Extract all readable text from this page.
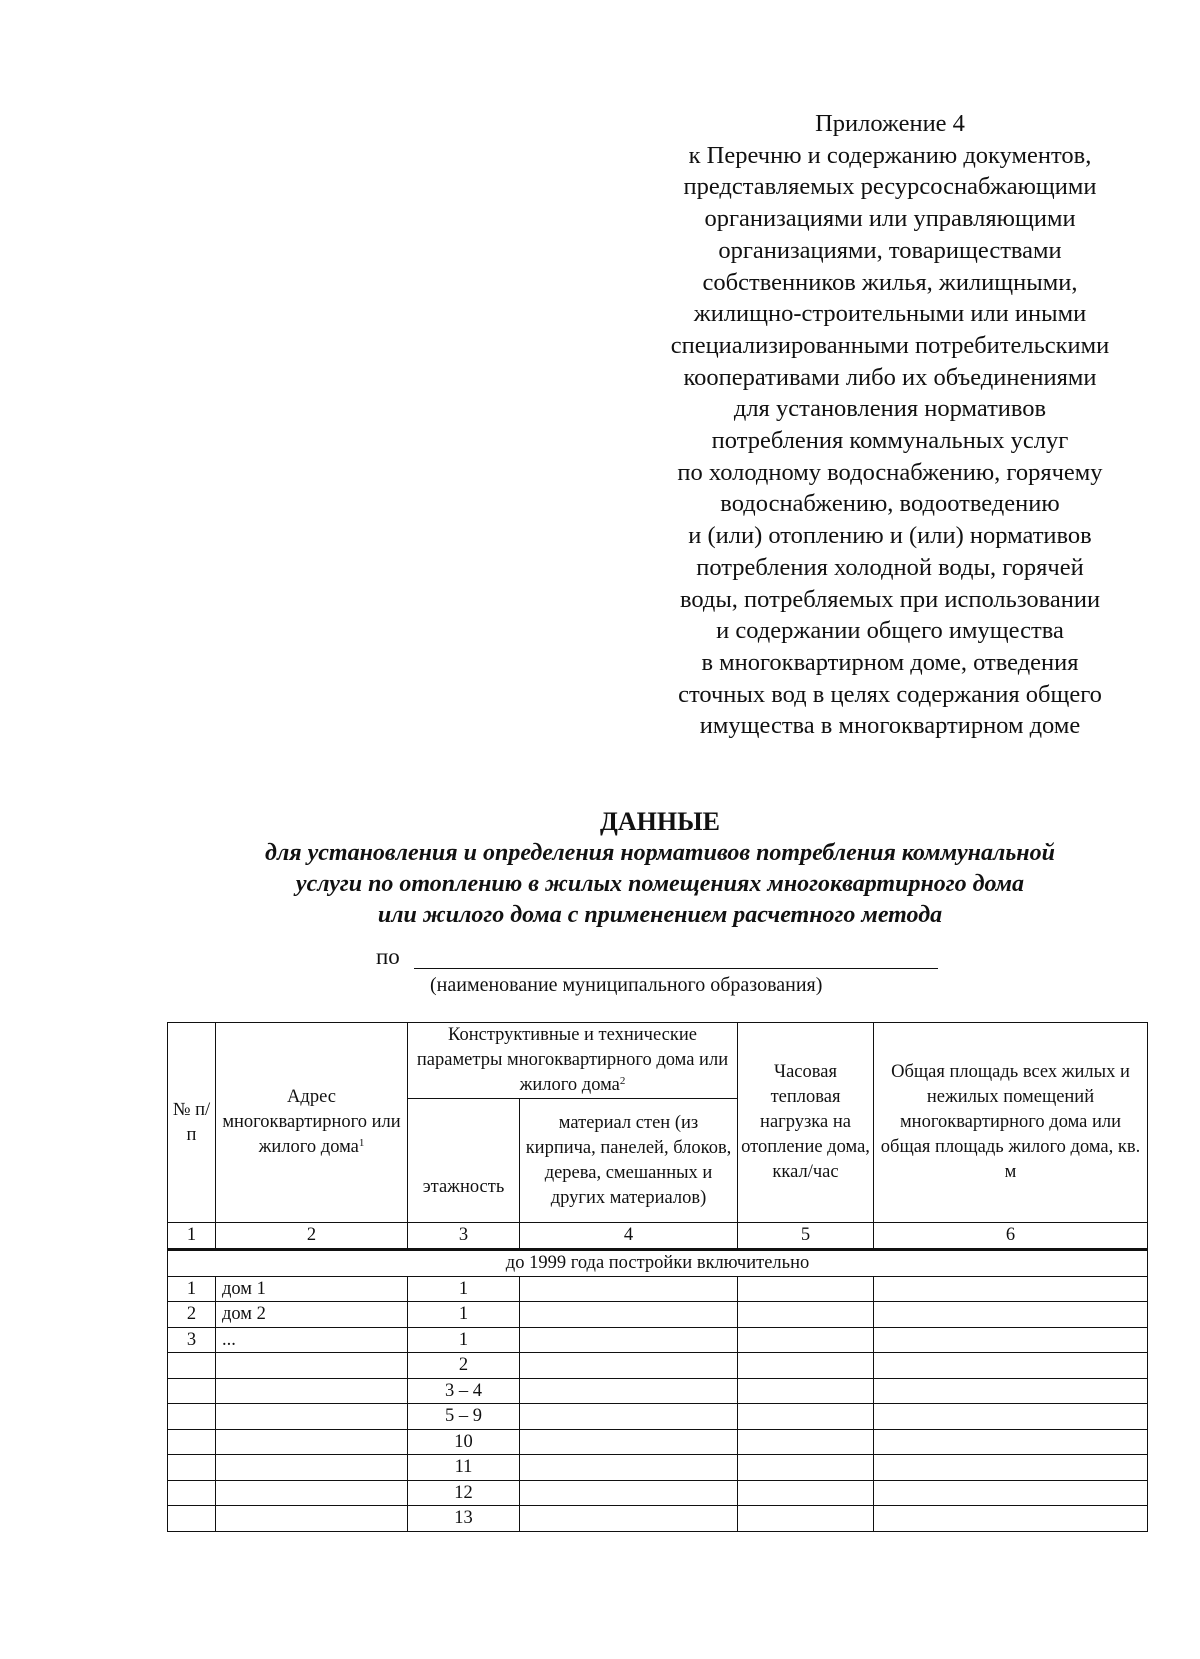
Приложение 4
к Перечню и содержанию документов,
представляемых ресурсоснабжающими
организациями или управляющими
организациями, товариществами
собственников жилья, жилищными,
жилищно-строительными или иными
специализированными потребительскими
кооперативами либо их объединениями
для установления нормативов
потребления коммунальных услуг
по холодному водоснабжению, горячему
водоснабжению, водоотведению
и (или) отоплению и (или) нормативов
потребления холодной воды, горячей
воды, потребляемых при использовании
и содержании общего имущества
в многоквартирном доме, отведения
сточных вод в целях содержания общего
имущества в многоквартирном доме
ДАННЫЕ
для установления и определения нормативов потребления коммунальной
услуги по отоплению в жилых помещениях многоквартирного дома
или жилого дома с применением расчетного метода
по
(наименование муниципального образования)
№ п/п	Адрес многоквартирного или жилого дома$^1$	Конструктивные и технические параметры многоквартирного дома или жилого дома$^2$		Часовая тепловая нагрузка на отопление дома, ккал/час	Общая площадь всех жилых и нежилых помещений многоквартирного дома или общая площадь жилого дома, кв. м
		этажность	материал стен (из кирпича, панелей, блоков, дерева, смешанных и других материалов)		
1	2	3	4	5	6
до 1999 года постройки включительно					
1	дом 1	1			
2	дом 2	1			
3	...	1			
		2			
		3 – 4			
		5 – 9			
		10			
		11			
		12			
		13			
